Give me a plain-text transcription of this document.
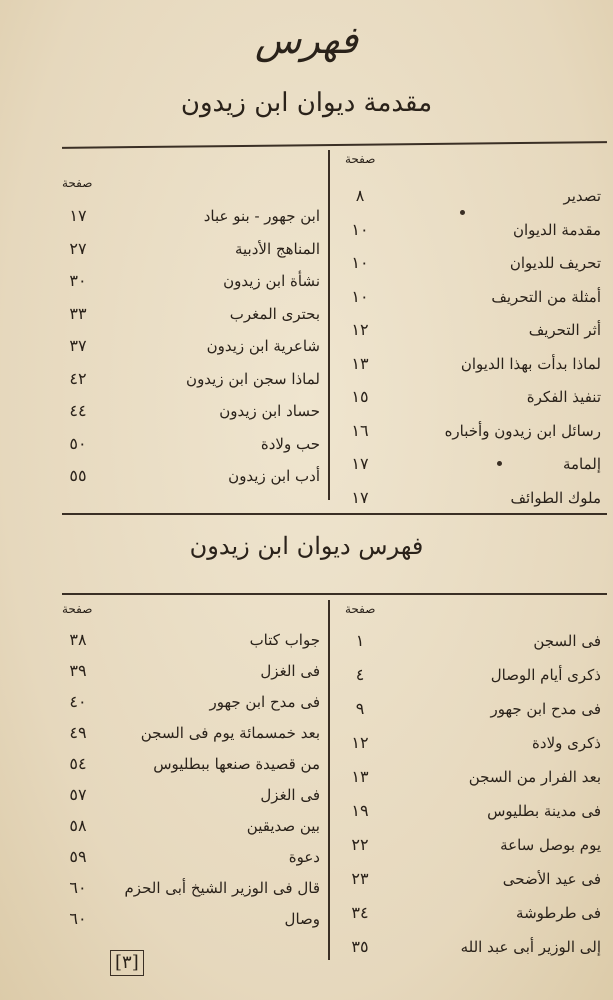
فهرس
مقدمة ديوان ابن زيدون
صفحة
صفحة
تصدير
٨
مقدمة الديوان
١٠
تحريف للديوان
١٠
أمثلة من التحريف
١٠
أثر التحريف
١٢
لماذا بدأت بهذا الديوان
١٣
تنفيذ الفكرة
١٥
رسائل ابن زيدون وأخباره
١٦
إلمامة
١٧
ملوك الطوائف
١٧
ابن جهور - بنو عباد
١٧
المناهج الأدبية
٢٧
نشأة ابن زيدون
٣٠
بحترى المغرب
٣٣
شاعرية ابن زيدون
٣٧
لماذا سجن ابن زيدون
٤٢
حساد ابن زيدون
٤٤
حب ولادة
٥٠
أدب ابن زيدون
٥٥
فهرس ديوان ابن زيدون
صفحة
صفحة
فى السجن
١
ذكرى أيام الوصال
٤
فى مدح ابن جهور
٩
ذكرى ولادة
١٢
بعد الفرار من السجن
١٣
فى مدينة بطليوس
١٩
يوم بوصل ساعة
٢٢
فى عيد الأضحى
٢٣
فى طرطوشة
٣٤
إلى الوزير أبى عبد الله
٣٥
جواب كتاب
٣٨
فى الغزل
٣٩
فى مدح ابن جهور
٤٠
بعد خمسمائة يوم فى السجن
٤٩
من قصيدة صنعها ببطليوس
٥٤
فى الغزل
٥٧
بين صديقين
٥٨
دعوة
٥٩
قال فى الوزير الشيخ أبى الحزم
٦٠
وصال
٦٠
[٣]
